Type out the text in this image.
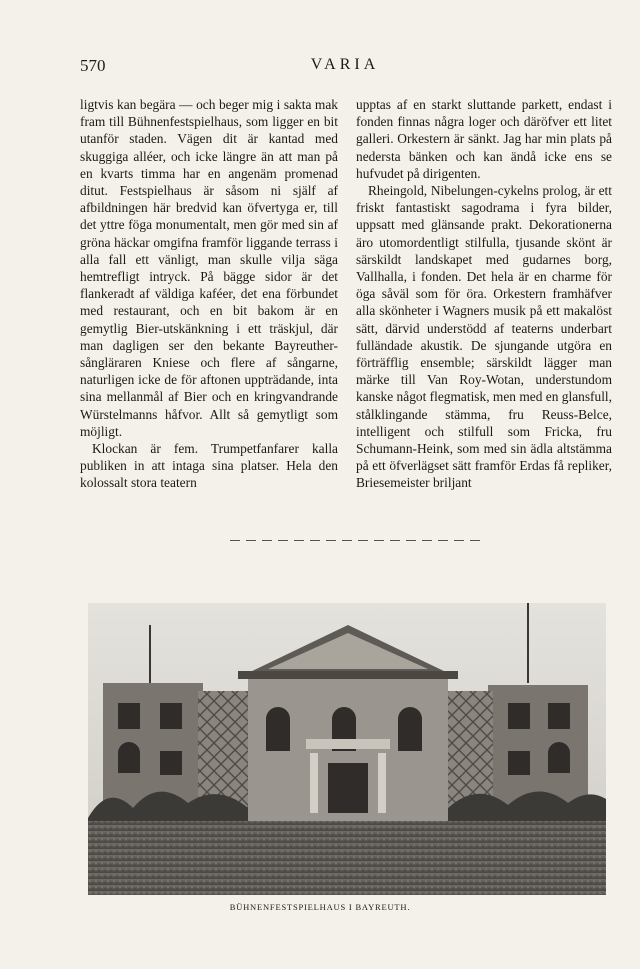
570	VARIA

ligtvis kan begära — och beger mig i sakta mak fram till Bühnenfestspielhaus, som ligger en bit utanför staden. Vägen dit är kantad med skuggiga alléer, och icke längre än att man på en kvarts timma har en angenäm promenad ditut. Festspielhaus är såsom ni själf af afbildningen här bredvid kan öfvertyga er, till det yttre föga monumentalt, men gör med sin af gröna häckar omgifna framför liggande terrass i alla fall ett vänligt, man skulle vilja säga hemtrefligt intryck. På bägge sidor är det flankeradt af väldiga kaféer, det ena förbundet med restaurant, och en bit bakom är en gemytlig Bier-utskänkning i ett träskjul, där man dagligen ser den bekante Bayreuther-sångläraren Kniese och flere af sångarne, naturligen icke de för aftonen uppträdande, inta sina mellanmål af Bier och en kringvandrande Würstelmanns håfvor. Allt så gemytligt som möjligt.

Klockan är fem. Trumpetfanfarer kalla publiken in att intaga sina platser. Hela den kolossalt stora teatern

upptas af en starkt sluttande parkett, endast i fonden finnas några loger och däröfver ett litet galleri. Orkestern är sänkt. Jag har min plats på nedersta bänken och kan ändå icke ens se hufvudet på dirigenten.

Rheingold, Nibelungen-cykelns prolog, är ett friskt fantastiskt sagodrama i fyra bilder, uppsatt med glänsande prakt. Dekorationerna äro utomordentligt stilfulla, tjusande skönt är särskildt landskapet med gudarnes borg, Vallhalla, i fonden. Det hela är en charme för öga såväl som för öra. Orkestern framhäfver alla skönheter i Wagners musik på ett makalöst sätt, därvid understödd af teaterns underbart fulländade akustik. De sjungande utgöra en förträfflig ensemble; särskildt lägger man märke till Van Roy-Wotan, understundom kanske något flegmatisk, men med en glansfull, stålklingande stämma, fru Reuss-Belce, intelligent och stilfull som Fricka, fru Schumann-Heink, som med sin ädla altstämma på ett öfverlägset sätt framför Erdas få repliker, Briesemeister briljant

BÜHNENFESTSPIELHAUS I BAYREUTH.
